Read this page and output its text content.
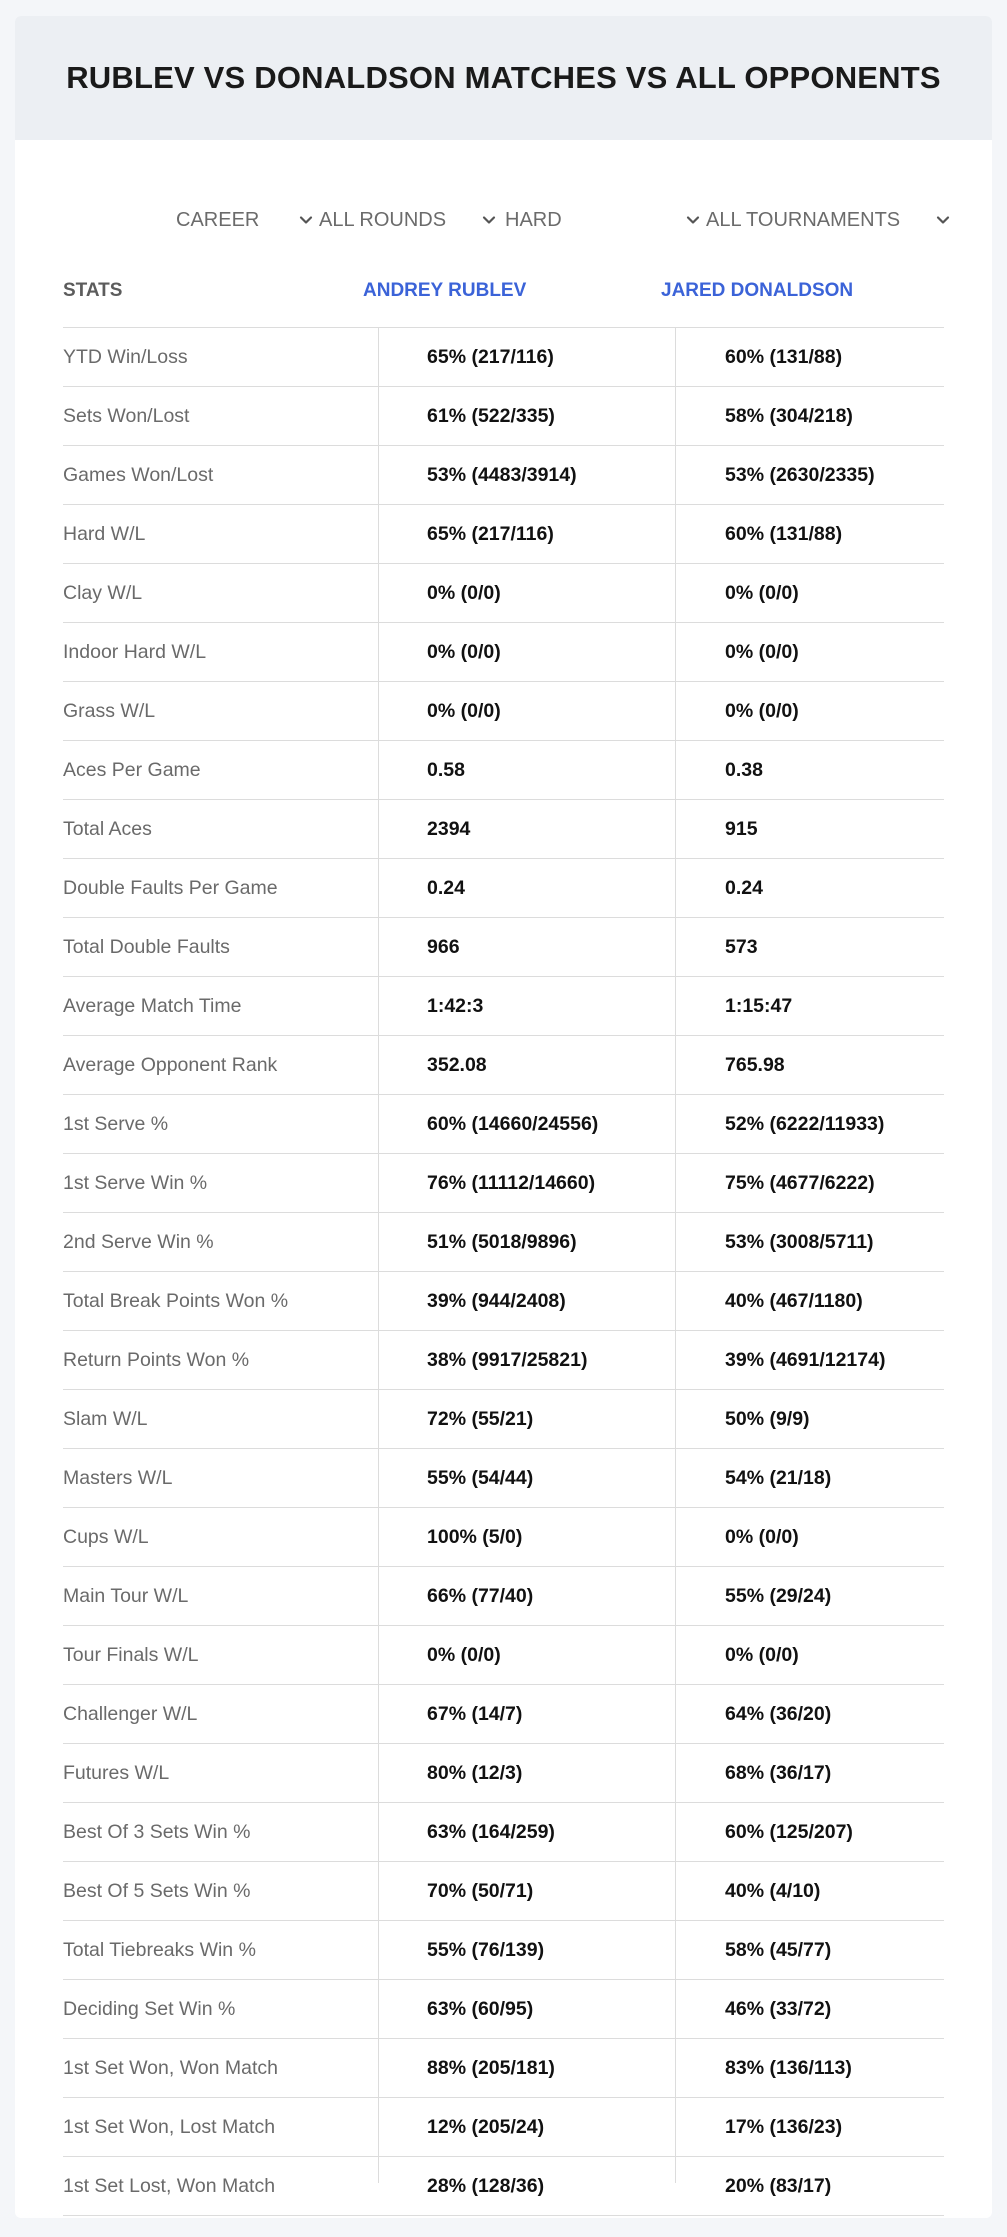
RUBLEV VS DONALDSON MATCHES VS ALL OPPONENTS
CAREER	ALL ROUNDS	HARD	ALL TOURNAMENTS
STATS	ANDREY RUBLEV	JARED DONALDSON
YTD Win/Loss	65% (217/116)	60% (131/88)
Sets Won/Lost	61% (522/335)	58% (304/218)
Games Won/Lost	53% (4483/3914)	53% (2630/2335)
Hard W/L	65% (217/116)	60% (131/88)
Clay W/L	0% (0/0)	0% (0/0)
Indoor Hard W/L	0% (0/0)	0% (0/0)
Grass W/L	0% (0/0)	0% (0/0)
Aces Per Game	0.58	0.38
Total Aces	2394	915
Double Faults Per Game	0.24	0.24
Total Double Faults	966	573
Average Match Time	1:42:3	1:15:47
Average Opponent Rank	352.08	765.98
1st Serve %	60% (14660/24556)	52% (6222/11933)
1st Serve Win %	76% (11112/14660)	75% (4677/6222)
2nd Serve Win %	51% (5018/9896)	53% (3008/5711)
Total Break Points Won %	39% (944/2408)	40% (467/1180)
Return Points Won %	38% (9917/25821)	39% (4691/12174)
Slam W/L	72% (55/21)	50% (9/9)
Masters W/L	55% (54/44)	54% (21/18)
Cups W/L	100% (5/0)	0% (0/0)
Main Tour W/L	66% (77/40)	55% (29/24)
Tour Finals W/L	0% (0/0)	0% (0/0)
Challenger W/L	67% (14/7)	64% (36/20)
Futures W/L	80% (12/3)	68% (36/17)
Best Of 3 Sets Win %	63% (164/259)	60% (125/207)
Best Of 5 Sets Win %	70% (50/71)	40% (4/10)
Total Tiebreaks Win %	55% (76/139)	58% (45/77)
Deciding Set Win %	63% (60/95)	46% (33/72)
1st Set Won, Won Match	88% (205/181)	83% (136/113)
1st Set Won, Lost Match	12% (205/24)	17% (136/23)
1st Set Lost, Won Match	28% (128/36)	20% (83/17)
